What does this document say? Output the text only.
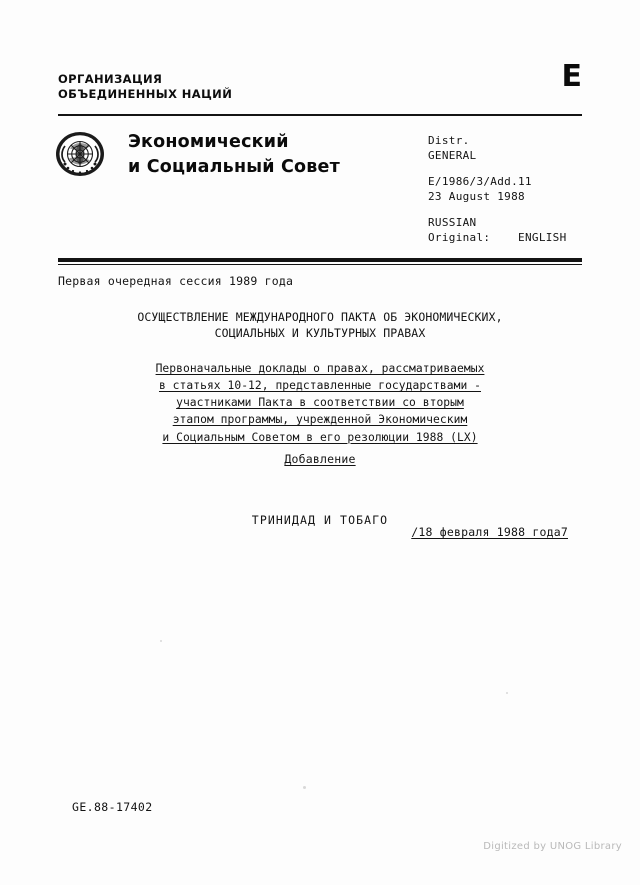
ОРГАНИЗАЦИЯ
ОБЪЕДИНЕННЫХ НАЦИЙ
E
Экономический
и Социальный Совет
Distr.
GENERAL
E/1986/3/Add.11
23 August 1988
RUSSIAN
Original:	ENGLISH
Первая очередная сессия 1989 года
ОСУЩЕСТВЛЕНИЕ МЕЖДУНАРОДНОГО ПАКТА ОБ ЭКОНОМИЧЕСКИХ,
СОЦИАЛЬНЫХ И КУЛЬТУРНЫХ ПРАВАХ
Первоначальные доклады о правах, рассматриваемых
в статьях 10-12, представленные государствами -
участниками Пакта в соответствии со вторым
этапом программы, учрежденной Экономическим
и Социальным Советом в его резолюции 1988 (LX)
Добавление
ТРИНИДАД И ТОБАГО
/18 февраля 1988 года7
GE.88-17402
Digitized by UNOG Library
